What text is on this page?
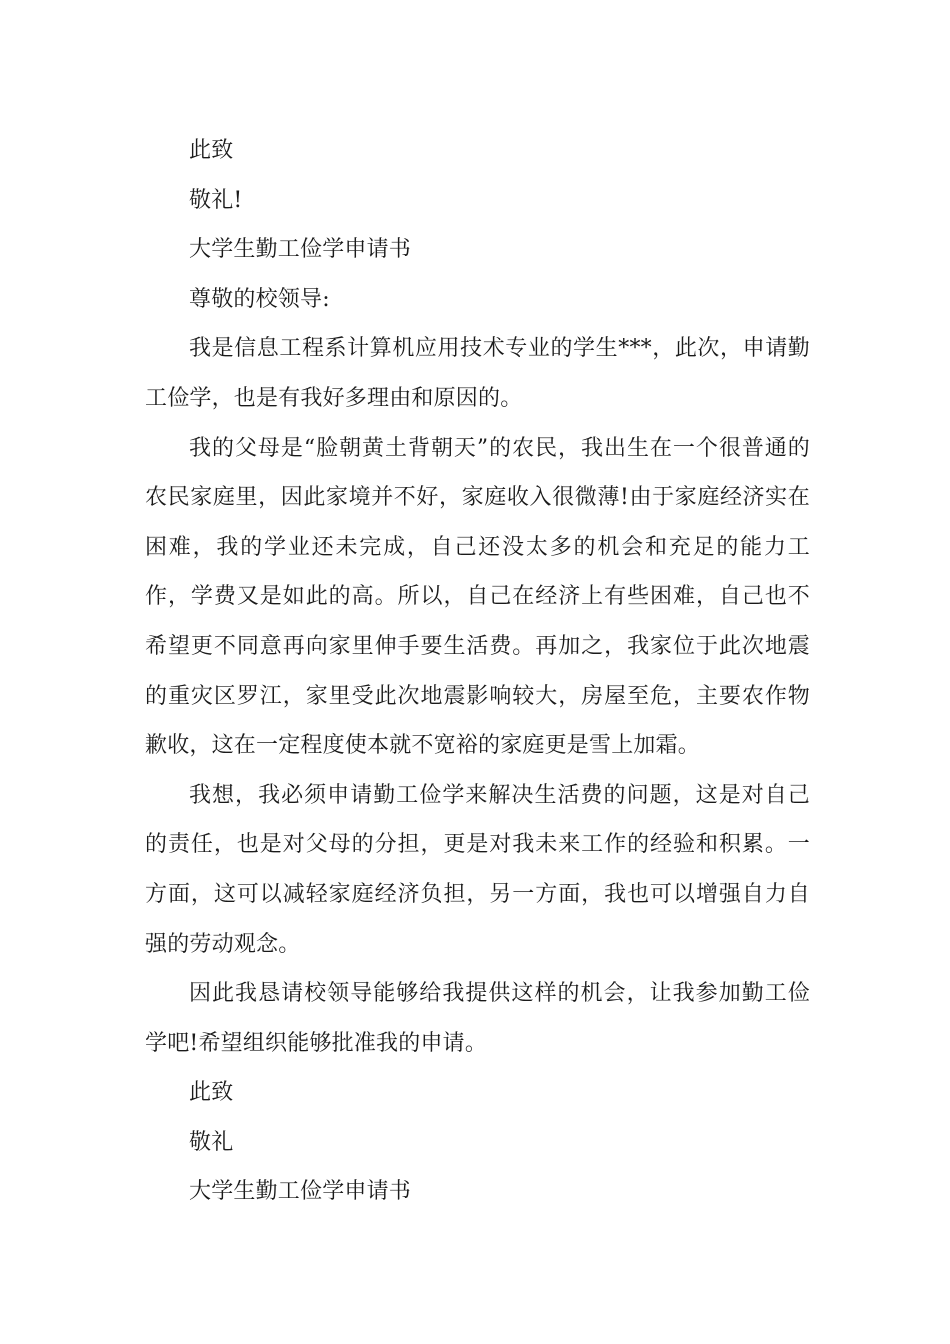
此致

敬礼!

大学生勤工俭学申请书

尊敬的校领导:

我是信息工程系计算机应用技术专业的学生***，此次，申请勤工俭学，也是有我好多理由和原因的。

我的父母是“脸朝黄土背朝天”的农民，我出生在一个很普通的农民家庭里，因此家境并不好，家庭收入很微薄!由于家庭经济实在困难，我的学业还未完成，自己还没太多的机会和充足的能力工作，学费又是如此的高。所以，自己在经济上有些困难，自己也不希望更不同意再向家里伸手要生活费。再加之，我家位于此次地震的重灾区罗江，家里受此次地震影响较大，房屋至危，主要农作物歉收，这在一定程度使本就不宽裕的家庭更是雪上加霜。

我想，我必须申请勤工俭学来解决生活费的问题，这是对自己的责任，也是对父母的分担，更是对我未来工作的经验和积累。一方面，这可以减轻家庭经济负担，另一方面，我也可以增强自力自强的劳动观念。

因此我恳请校领导能够给我提供这样的机会，让我参加勤工俭学吧!希望组织能够批准我的申请。

此致

敬礼

大学生勤工俭学申请书
